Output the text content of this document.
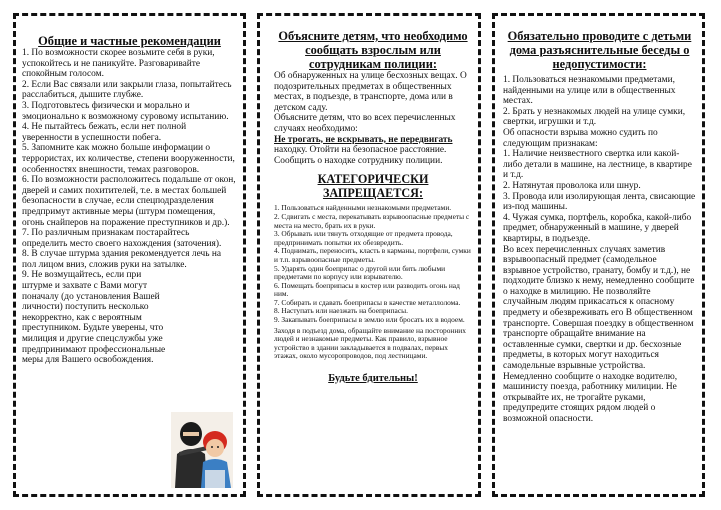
Общие и частные рекомендации

1. По возможности скорее возьмите себя в руки, успокойтесь и не паникуйте. Разговаривайте спокойным голосом.

2. Если Вас связали или закрыли глаза, попытайтесь расслабиться, дышите глубже.

3. Подготовьтесь физически и морально и эмоционально к возможному суровому испытанию.

4. Не пытайтесь бежать, если нет полной уверенности в успешности побега.

5. Запомните как можно больше информации о террористах, их количестве, степени вооруженности, особенностях внешности, темах разговоров.

6. По возможности расположитесь подальше от окон, дверей и самих похитителей, т.е. в местах большей безопасности в случае, если спецподразделения предпримут активные меры (штурм помещения, огонь снайперов на поражение преступников и др.).

7. По различным признакам постарайтесь определить место своего нахождения (заточения).

8. В случае штурма здания рекомендуется лечь на пол лицом вниз, сложив руки на затылке.

9. Не возмущайтесь, если при штурме и захвате с Вами могут поначалу (до установления Вашей личности) поступить несколько некорректно, как с вероятным преступником. Будьте уверены, что милиция и другие спецслужбы уже предпринимают профессиональные меры для Вашего освобождения.

Объясните детям, что необходимо сообщать взрослым или сотрудникам полиции:

Об обнаруженных на улице бесхозных вещах. О подозрительных предметах в общественных местах, в подъезде, в транспорте, дома или в детском саду.

Объясните детям, что во всех перечисленных случаях необходимо:

Не трогать, не вскрывать, не передвигать находку. Отойти на безопасное расстояние. Сообщить о находке сотруднику полиции.

КАТЕГОРИЧЕСКИ ЗАПРЕЩАЕТСЯ:

1. Пользоваться найденными незнакомыми предметами.

2. Сдвигать с места, перекатывать взрывоопасные предметы с места на место, брать их в руки.

3. Обрывать или тянуть отходящие от предмета провода, предпринимать попытки их обезвредить.

4. Поднимать, переносить, класть в карманы, портфели, сумки и т.п. взрывоопасные предметы.

5. Ударять один боеприпас о другой или бить любыми предметами по корпусу или взрывателю.

6. Помещать боеприпасы в костер или разводить огонь над ним.

7. Собирать и сдавать боеприпасы в качестве металлолома.

8. Наступать или наезжать на боеприпасы.

9. Закапывать боеприпасы в землю или бросать их в водоем.

Заходя в подъезд дома, обращайте внимание на посторонних людей и незнакомые предметы. Как правило, взрывное устройство в здании закладывается в подвалах, первых этажах, около мусоропроводов, под лестницами.

Будьте бдительны!
Обязательно проводите с детьми дома разъяснительные беседы о недопустимости:

1. Пользоваться незнакомыми предметами, найденными на улице или в общественных местах.

2. Брать у незнакомых людей на улице сумки, свертки, игрушки и т.д.

Об опасности взрыва можно судить по следующим признакам:

1. Наличие неизвестного свертка или какой-либо детали в машине, на лестнице, в квартире и т.д.

2. Натянутая проволока или шнур.

3. Провода или изолирующая лента, свисающие из-под машины.

4. Чужая сумка, портфель, коробка, какой-либо предмет, обнаруженный в машине, у дверей квартиры, в подъезде.

Во всех перечисленных случаях заметив взрывоопасный предмет (самодельное взрывное устройство, гранату, бомбу и т.д.), не подходите близко к нему, немедленно сообщите о находке в милицию. Не позволяйте случайным людям прикасаться к опасному предмету и обезвреживать его В общественном транспорте. Совершая поездку в общественном транспорте обращайте внимание на оставленные сумки, свертки и др. бесхозные предметы, в которых могут находиться самодельные взрывные устройства. Немедленно сообщите о находке водителю, машинисту поезда, работнику милиции. Не открывайте их, не трогайте руками, предупредите стоящих рядом людей о возможной опасности.
